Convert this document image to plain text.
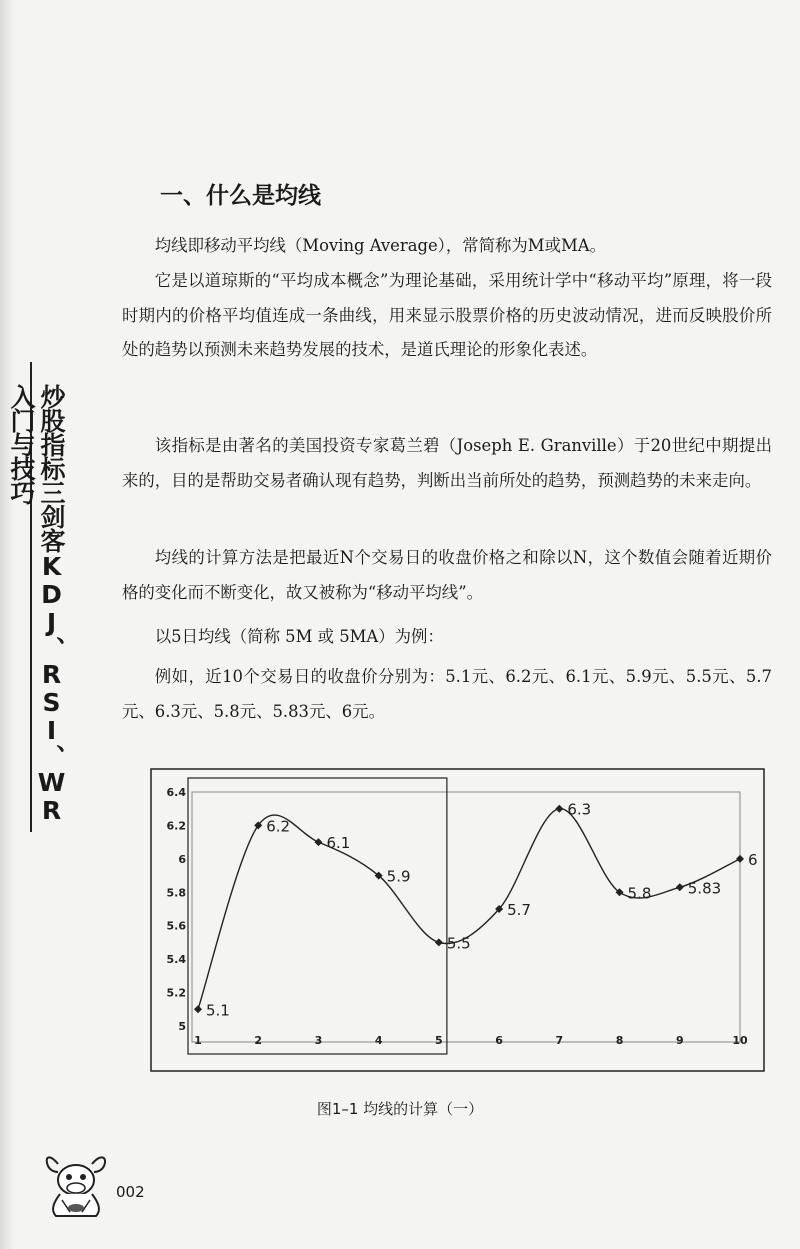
炒股指标三剑客KDJ、RSI、WR入门与技巧
一、什么是均线

均线即移动平均线（Moving Average），常简称为M或MA。

它是以道琼斯的“平均成本概念”为理论基础，采用统计学中“移动平均”原理，将一段时期内的价格平均值连成一条曲线，用来显示股票价格的历史波动情况，进而反映股价所处的趋势以预测未来趋势发展的技术，是道氏理论的形象化表述。

该指标是由著名的美国投资专家葛兰碧（Joseph E. Granville）于20世纪中期提出来的，目的是帮助交易者确认现有趋势，判断出当前所处的趋势，预测趋势的未来走向。

均线的计算方法是把最近N个交易日的收盘价格之和除以N，这个数值会随着近期价格的变化而不断变化，故又被称为“移动平均线”。

以5日均线（简称 5M 或 5MA）为例：

例如，近10个交易日的收盘价分别为：5.1元、6.2元、6.1元、5.9元、5.5元、5.7元、6.3元、5.8元、5.83元、6元。

5
5.2
5.4
5.6
5.8
6
6.2
6.4
1	2	3	4	5	6	7	8	9	10
5.1
6.2
6.1
5.9
5.5
5.7
6.3
5.8 5.83
6
图1–1 均线的计算（一）
002
